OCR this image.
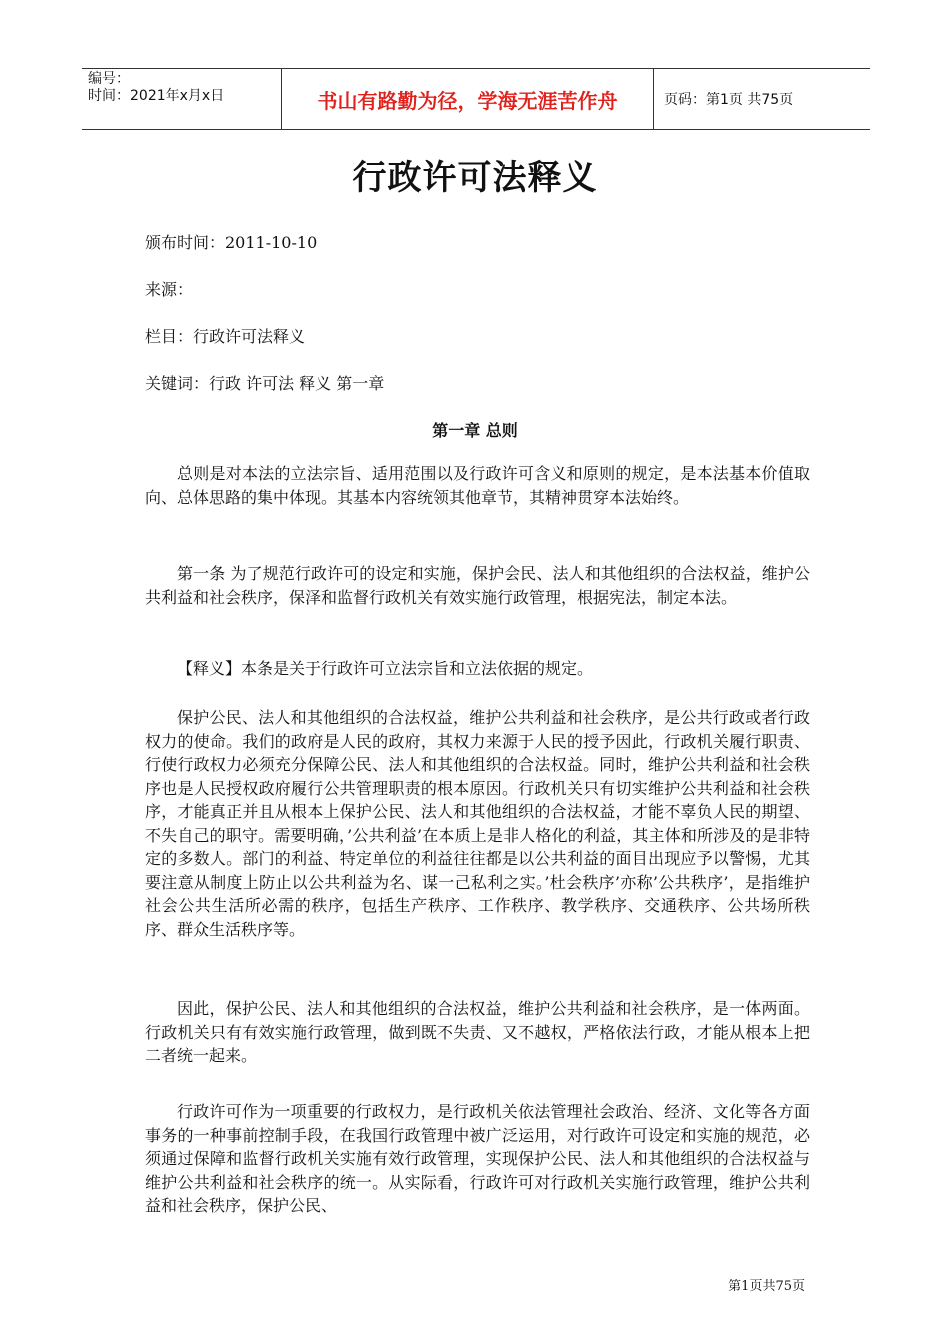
编号：
时间：2021年x月x日	书山有路勤为径，学海无涯苦作舟	页码：第1页 共75页
行政许可法释义
颁布时间：2011-10-10
来源：
栏目：行政许可法释义
关键词：行政 许可法 释义 第一章
第一章 总则

总则是对本法的立法宗旨、适用范围以及行政许可含义和原则的规定，是本法基本价值取向、总体思路的集中体现。其基本内容统领其他章节，其精神贯穿本法始终。

第一条 为了规范行政许可的设定和实施，保护会民、法人和其他组织的合法权益，维护公共利益和社会秩序，保泽和监督行政机关有效实施行政管理，根据宪法，制定本法。

【释义】本条是关于行政许可立法宗旨和立法依据的规定。

保护公民、法人和其他组织的合法权益，维护公共利益和社会秩序，是公共行政或者行政权力的使命。我们的政府是人民的政府，其权力来源于人民的授予因此，行政机关履行职责、行使行政权力必须充分保障公民、法人和其他组织的合法权益。同时，维护公共利益和社会秩序也是人民授权政府履行公共管理职责的根本原因。行政机关只有切实维护公共利益和社会秩序，才能真正并且从根本上保护公民、法人和其他组织的合法权益，才能不辜负人民的期望、不失自己的职守。需要明确，’公共利益’在本质上是非人格化的利益，其主体和所涉及的是非特定的多数人。部门的利益、特定单位的利益往往都是以公共利益的面目出现应予以警惕，尤其要注意从制度上防止以公共利益为名、谋一己私利之实。’杜会秩序’亦称’公共秩序’，是指维护社会公共生活所必需的秩序，包括生产秩序、工作秩序、教学秩序、交通秩序、公共场所秩序、群众生活秩序等。

因此，保护公民、法人和其他组织的合法权益，维护公共利益和社会秩序，是一体两面。行政机关只有有效实施行政管理，做到既不失责、又不越权，严格依法行政，才能从根本上把二者统一起来。

行政许可作为一项重要的行政权力，是行政机关依法管理社会政治、经济、文化等各方面事务的一种事前控制手段，在我国行政管理中被广泛运用，对行政许可设定和实施的规范，必须通过保障和监督行政机关实施有效行政管理，实现保护公民、法人和其他组织的合法权益与维护公共利益和社会秩序的统一。从实际看，行政许可对行政机关实施行政管理，维护公共利益和社会秩序，保护公民、

第1页共75页
